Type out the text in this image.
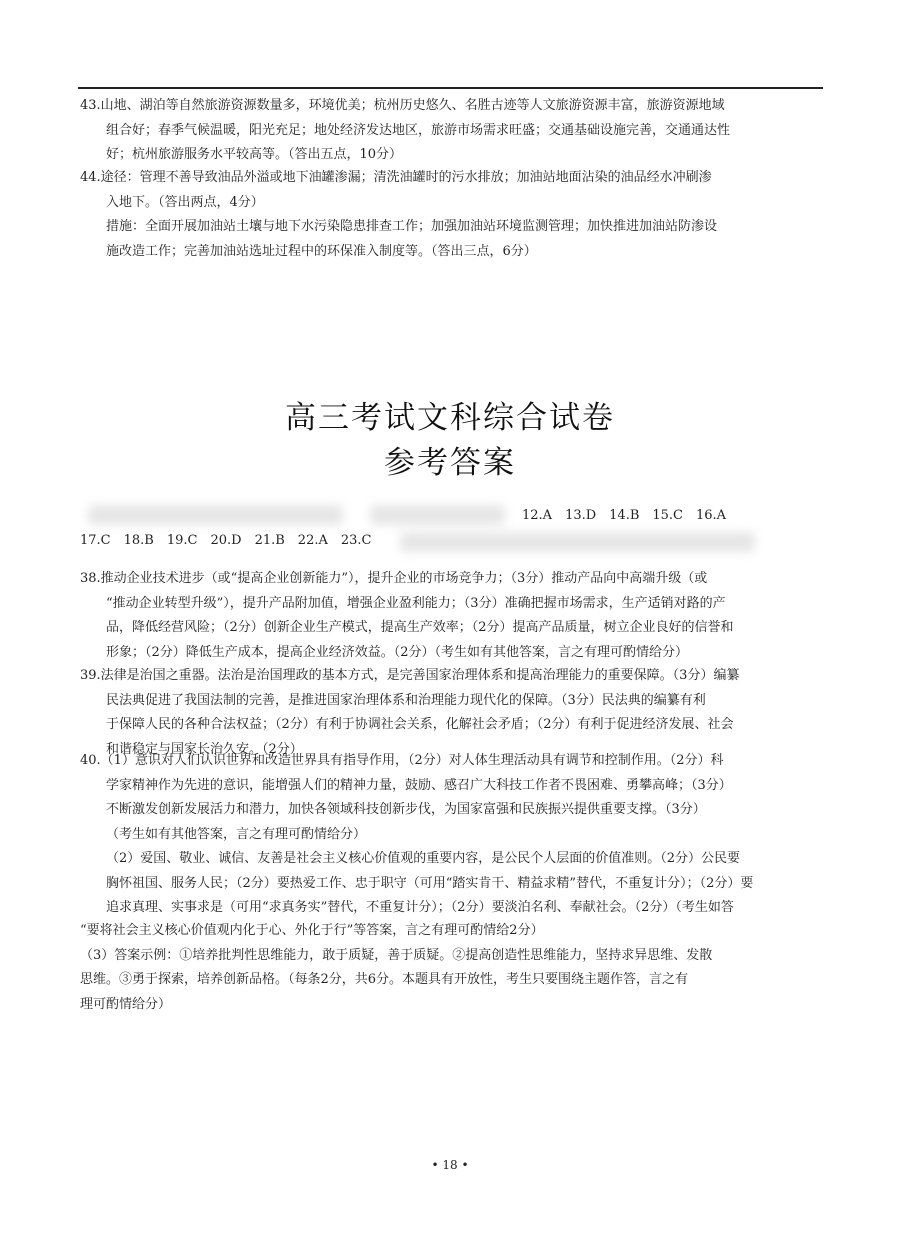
43.山地、湖泊等自然旅游资源数量多，环境优美；杭州历史悠久、名胜古迹等人文旅游资源丰富，旅游资源地域

组合好；春季气候温暖，阳光充足；地处经济发达地区，旅游市场需求旺盛；交通基础设施完善，交通通达性

好；杭州旅游服务水平较高等。（答出五点，10分）

44.途径：管理不善导致油品外溢或地下油罐渗漏；清洗油罐时的污水排放；加油站地面沾染的油品经水冲刷渗

入地下。（答出两点，4分）

措施：全面开展加油站土壤与地下水污染隐患排查工作；加强加油站环境监测管理；加快推进加油站防渗设

施改造工作；完善加油站选址过程中的环保准入制度等。（答出三点，6分）

高三考试文科综合试卷
参考答案
12.A　13.D　14.B　15.C　16.A
17.C　18.B　19.C　20.D　21.B　22.A　23.C

38.推动企业技术进步（或“提高企业创新能力”），提升企业的市场竞争力；（3分）推动产品向中高端升级（或

“推动企业转型升级”），提升产品附加值，增强企业盈利能力；（3分）准确把握市场需求，生产适销对路的产

品，降低经营风险；（2分）创新企业生产模式，提高生产效率；（2分）提高产品质量，树立企业良好的信誉和

形象；（2分）降低生产成本，提高企业经济效益。（2分）（考生如有其他答案，言之有理可酌情给分）

39.法律是治国之重器。法治是治国理政的基本方式，是完善国家治理体系和提高治理能力的重要保障。（3分）编纂

民法典促进了我国法制的完善，是推进国家治理体系和治理能力现代化的保障。（3分）民法典的编纂有利

于保障人民的各种合法权益；（2分）有利于协调社会关系，化解社会矛盾；（2分）有利于促进经济发展、社会

和谐稳定与国家长治久安。（2分）

40.（1）意识对人们认识世界和改造世界具有指导作用，（2分）对人体生理活动具有调节和控制作用。（2分）科

学家精神作为先进的意识，能增强人们的精神力量，鼓励、感召广大科技工作者不畏困难、勇攀高峰；（3分）

不断激发创新发展活力和潜力，加快各领域科技创新步伐，为国家富强和民族振兴提供重要支撑。（3分）

（考生如有其他答案，言之有理可酌情给分）

（2）爱国、敬业、诚信、友善是社会主义核心价值观的重要内容，是公民个人层面的价值准则。（2分）公民要

胸怀祖国、服务人民；（2分）要热爱工作、忠于职守（可用“踏实肯干、精益求精”替代，不重复计分）；（2分）要

追求真理、实事求是（可用“求真务实”替代，不重复计分）；（2分）要淡泊名利、奉献社会。（2分）（考生如答

“要将社会主义核心价值观内化于心、外化于行”等答案，言之有理可酌情给2分）

（3）答案示例：①培养批判性思维能力，敢于质疑，善于质疑。②提高创造性思维能力，坚持求异思维、发散

思维。③勇于探索，培养创新品格。（每条2分，共6分。本题具有开放性，考生只要围绕主题作答，言之有

理可酌情给分）

• 18 •
